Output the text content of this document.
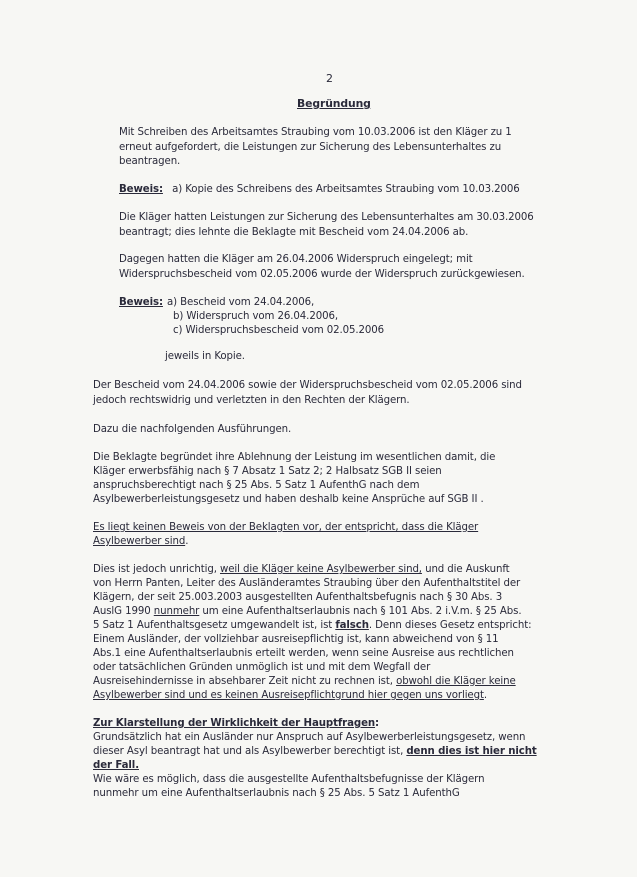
2
Begründung
Mit Schreiben des Arbeitsamtes Straubing vom 10.03.2006 ist den Kläger zu 1
erneut aufgefordert, die Leistungen zur Sicherung des Lebensunterhaltes zu
beantragen.
Beweis: a) Kopie des Schreibens des Arbeitsamtes Straubing vom 10.03.2006
Die Kläger hatten Leistungen zur Sicherung des Lebensunterhaltes am 30.03.2006
beantragt; dies lehnte die Beklagte mit Bescheid vom 24.04.2006 ab.
Dagegen hatten die Kläger am 26.04.2006 Widerspruch eingelegt; mit
Widerspruchsbescheid vom 02.05.2006 wurde der Widerspruch zurückgewiesen.
Beweis: a) Bescheid vom 24.04.2006,
b) Widerspruch vom 26.04.2006,
c) Widerspruchsbescheid vom 02.05.2006
jeweils in Kopie.
Der Bescheid vom 24.04.2006 sowie der Widerspruchsbescheid vom 02.05.2006 sind
jedoch rechtswidrig und verletzten in den Rechten der Klägern.
Dazu die nachfolgenden Ausführungen.
Die Beklagte begründet ihre Ablehnung der Leistung im wesentlichen damit, die
Kläger erwerbsfähig nach § 7 Absatz 1 Satz 2; 2 Halbsatz SGB II seien
anspruchsberechtigt nach § 25 Abs. 5 Satz 1 AufenthG nach dem
Asylbewerberleistungsgesetz und haben deshalb keine Ansprüche auf SGB II .
Es liegt keinen Beweis von der Beklagten vor, der entspricht, dass die Kläger
Asylbewerber sind.
Dies ist jedoch unrichtig, weil die Kläger keine Asylbewerber sind, und die Auskunft
von Herrn Panten, Leiter des Ausländeramtes Straubing über den Aufenthaltstitel der
Klägern, der seit 25.003.2003 ausgestellten Aufenthaltsbefugnis nach § 30 Abs. 3
AuslG 1990 nunmehr um eine Aufenthaltserlaubnis nach § 101 Abs. 2 i.V.m. § 25 Abs.
5 Satz 1 Aufenthaltsgesetz umgewandelt ist, ist falsch. Denn dieses Gesetz entspricht:
Einem Ausländer, der vollziehbar ausreisepflichtig ist, kann abweichend von § 11
Abs.1 eine Aufenthaltserlaubnis erteilt werden, wenn seine Ausreise aus rechtlichen
oder tatsächlichen Gründen unmöglich ist und mit dem Wegfall der
Ausreisehindernisse in absehbarer Zeit nicht zu rechnen ist, obwohl die Kläger keine
Asylbewerber sind und es keinen Ausreisepflichtgrund hier gegen uns vorliegt.
Zur Klarstellung der Wirklichkeit der Hauptfragen:
Grundsätzlich hat ein Ausländer nur Anspruch auf Asylbewerberleistungsgesetz, wenn
dieser Asyl beantragt hat und als Asylbewerber berechtigt ist, denn dies ist hier nicht
der Fall.
Wie wäre es möglich, dass die ausgestellte Aufenthaltsbefugnisse der Klägern
nunmehr um eine Aufenthaltserlaubnis nach § 25 Abs. 5 Satz 1 AufenthG
